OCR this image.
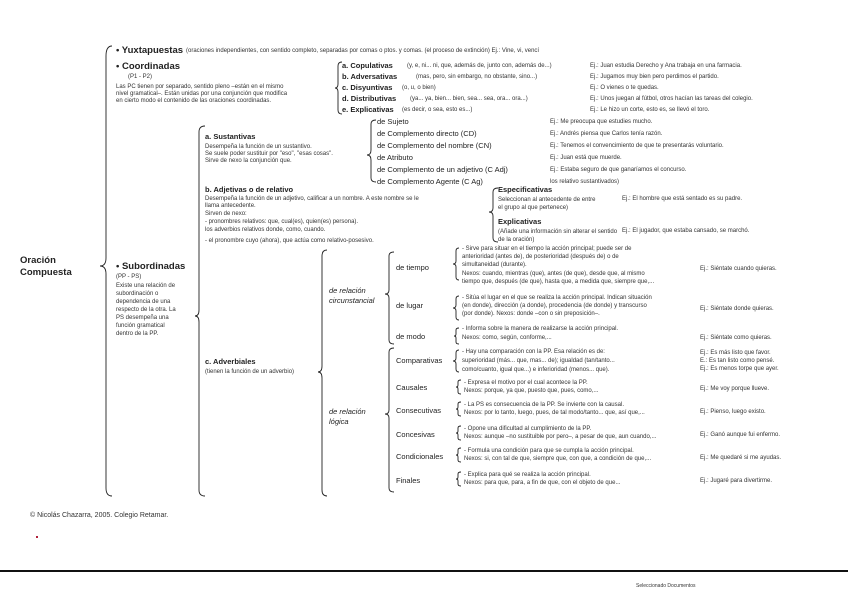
Oración
Compuesta
• Yuxtapuestas (oraciones independientes, con sentido completo, separadas por comas o ptos. y comas. (el proceso de extinción) Ej.: Vine, vi, vencí
• Coordinadas
(P1 - P2)
Las PC tienen por separado, sentido pleno –están en el mismo
nivel gramatical–. Están unidas por una conjunción que modifica
en cierto modo el contenido de las oraciones coordinadas.
a. Copulativas (y, e, ni... ni, que, además de, junto con, además de...)	Ej.: Juan estudia Derecho y Ana trabaja en una farmacia.
b. Adversativas	(mas, pero, sin embargo, no obstante, sino...)	Ej.: Jugamos muy bien pero perdimos el partido.
c. Disyuntivas (o, u, o bien)	Ej.: O vienes o te quedas.
d. Distributivas (ya... ya, bien... bien, sea... sea, ora... ora...)	Ej.: Unos juegan al fútbol, otros hacían las tareas del colegio.
e. Explicativas (es decir, o sea, esto es...)	Ej.: Le hizo un corte, esto es, se llevó el toro.
• Subordinadas
(PP - PS)
Existe una relación de
subordinación o
dependencia de una
respecto de la otra. La
PS desempeña una
función gramatical
dentro de la PP.
a. Sustantivas
Desempeña la función de un sustantivo.
Se suele poder sustituir por "eso", "esas cosas".
Sirve de nexo la conjunción que.
de Sujeto	Ej.: Me preocupa que estudies mucho.
de Complemento directo (CD)	Ej.: Andrés piensa que Carlos tenía razón.
de Complemento del nombre (CN)	Ej.: Tenemos el convencimiento de que te presentarás voluntario.
de Atributo	Ej.: Juan está que muerde.
de Complemento de un adjetivo (C Adj)	Ej.: Estaba seguro de que ganaríamos el concurso.
de Complemento Agente (C Ag)	los relativo sustantivados)
b. Adjetivas o de relativo
Desempeña la función de un adjetivo, calificar a un nombre. A este nombre se le
llama antecedente.
Sirven de nexo:
- pronombres relativos: que, cual(es), quien(es) persona).
los adverbios relativos donde, como, cuando.
- el pronombre cuyo (ahora), que actúa como relativo-posesivo.
Especificativas
Seleccionan al antecedente de entre
el grupo al que pertenece)
Ej.: El hombre que está sentado es su padre.
Explicativas
(Añade una información sin alterar el sentido
de la oración)
Ej.: El jugador, que estaba cansado, se marchó.
c. Adverbiales
(tienen la función de un adverbio)
de relación
circunstancial
de relación
lógica
de tiempo
- Sirve para situar en el tiempo la acción principal; puede ser de
anterioridad (antes de), de posterioridad (después de) o de
simultaneidad (durante).
Nexos: cuando, mientras (que), antes (de que), desde que, al mismo
tiempo que, después (de que), hasta que, a medida que, siempre que,...
Ej.: Siéntate cuando quieras.
de lugar
- Sitúa el lugar en el que se realiza la acción principal. Indican situación
(en donde), dirección (a donde), procedencia (de donde) y transcurso
(por donde). Nexos: donde –con o sin preposición–.
Ej.: Siéntate donde quieras.
de modo
- Informa sobre la manera de realizarse la acción principal.
Nexos: como, según, conforme,...	Ej.: Siéntate como quieras.
Comparativas
- Hay una comparación con la PP. Esa relación es de:
superioridad (más... que, mas... de); igualdad (tan/tanto...
como/cuanto, igual que...) e inferioridad (menos... que).
Ej.: Es más listo que favor.
E.: Es tan listo como pensé.
Ej.: Es menos torpe que ayer.
Causales	- Expresa el motivo por el cual acontece la PP.
Nexos: porque, ya que, puesto que, pues, como,...	Ej.: Me voy porque llueve.
Consecutivas
- La PS es consecuencia de la PP. Se invierte con la causal.
Nexos: por lo tanto, luego, pues, de tal modo/tanto... que, así que,...	Ej.: Pienso, luego existo.
Concesivas
- Opone una dificultad al cumplimiento de la PP.
Nexos: aunque –no sustituible por pero–, a pesar de que, aun cuando,...	Ej.: Ganó aunque fui enfermo.
Condicionales
- Formula una condición para que se cumpla la acción principal.
Nexos: si, con tal de que, siempre que, con que, a condición de que,...	Ej.: Me quedaré si me ayudas.
Finales
- Explica para qué se realiza la acción principal.
Nexos: para que, para, a fin de que, con el objeto de que...	Ej.: Jugaré para divertirme.
© Nicolás Chazarra, 2005. Colegio Retamar.
Seleccionado Documentos
